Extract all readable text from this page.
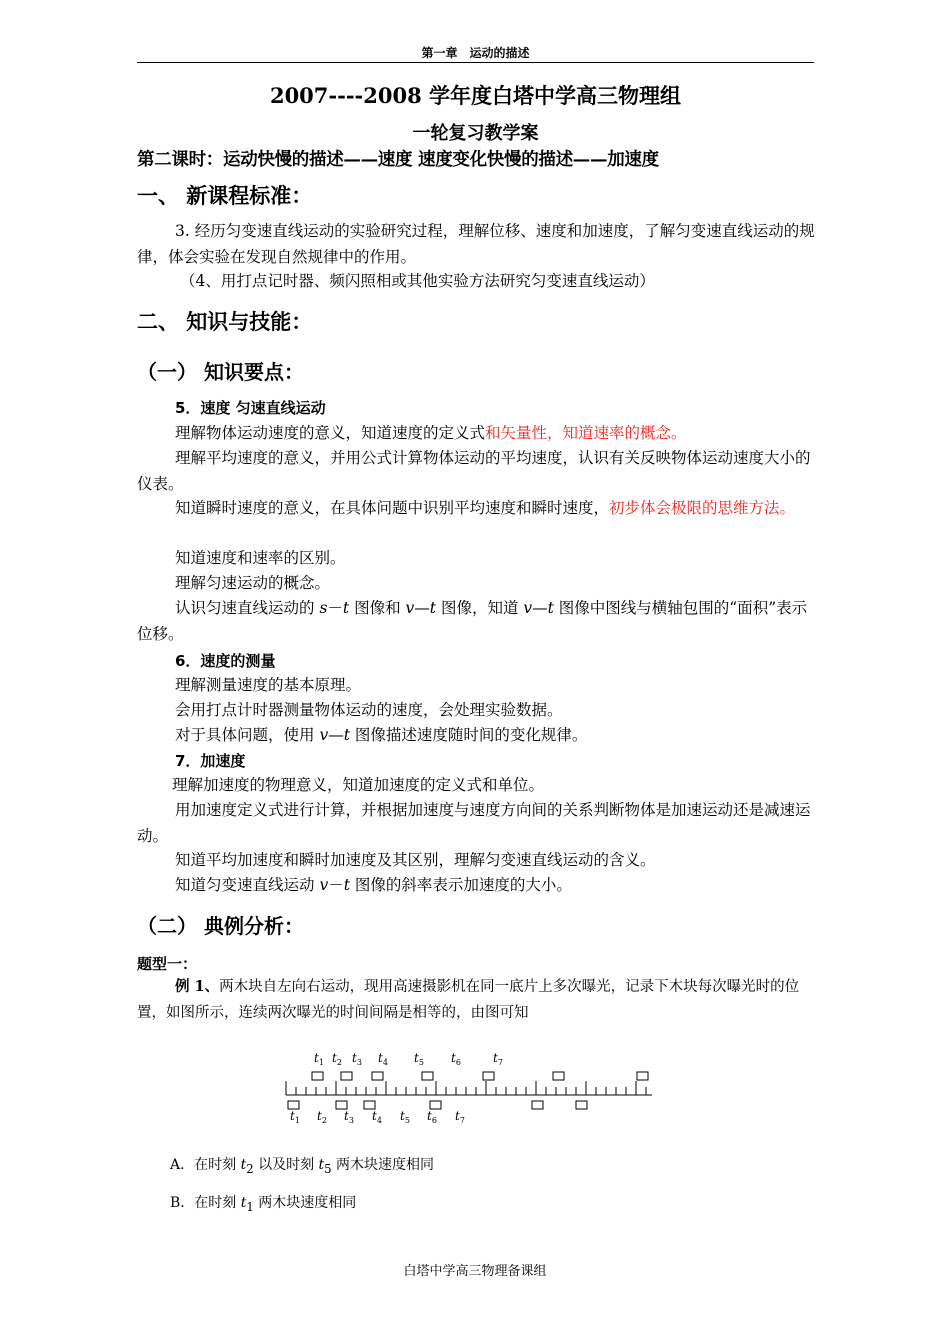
第一章　运动的描述
2007----2008 学年度白塔中学高三物理组
一轮复习教学案
第二课时：运动快慢的描述——速度 速度变化快慢的描述——加速度
一、 新课程标准：
3. 经历匀变速直线运动的实验研究过程，理解位移、速度和加速度，了解匀变速直线运动的规律，体会实验在发现自然规律中的作用。
（4、用打点记时器、频闪照相或其他实验方法研究匀变速直线运动）
二、 知识与技能：
（一） 知识要点：
5．速度 匀速直线运动
理解物体运动速度的意义，知道速度的定义式和矢量性，知道速率的概念。
理解平均速度的意义，并用公式计算物体运动的平均速度，认识有关反映物体运动速度大小的仪表。
知道瞬时速度的意义，在具体问题中识别平均速度和瞬时速度，初步体会极限的思维方法。
知道速度和速率的区别。
理解匀速运动的概念。
认识匀速直线运动的 s－t 图像和 v—t 图像，知道 v—t 图像中图线与横轴包围的“面积”表示位移。
6．速度的测量
理解测量速度的基本原理。
会用打点计时器测量物体运动的速度，会处理实验数据。
对于具体问题，使用 v—t 图像描述速度随时间的变化规律。
7．加速度
理解加速度的物理意义，知道加速度的定义式和单位。
用加速度定义式进行计算，并根据加速度与速度方向间的关系判断物体是加速运动还是减速运动。
知道平均加速度和瞬时加速度及其区别，理解匀变速直线运动的含义。
知道匀变速直线运动 v－t 图像的斜率表示加速度的大小。
（二） 典例分析：
题型一：
例 1、两木块自左向右运动，现用高速摄影机在同一底片上多次曝光，记录下木块每次曝光时的位置，如图所示，连续两次曝光的时间间隔是相等的，由图可知
$t_1$ $t_2$ $t_3$ $t_4$ $t_5$ $t_6$	$t_7$
$t_1$ $t_2$ $t_3$ $t_4$ $t_5$ $t_6$ $t_7$
A．在时刻 $t_2$ 以及时刻 $t_5$ 两木块速度相同
B．在时刻 $t_1$ 两木块速度相同
白塔中学高三物理备课组
